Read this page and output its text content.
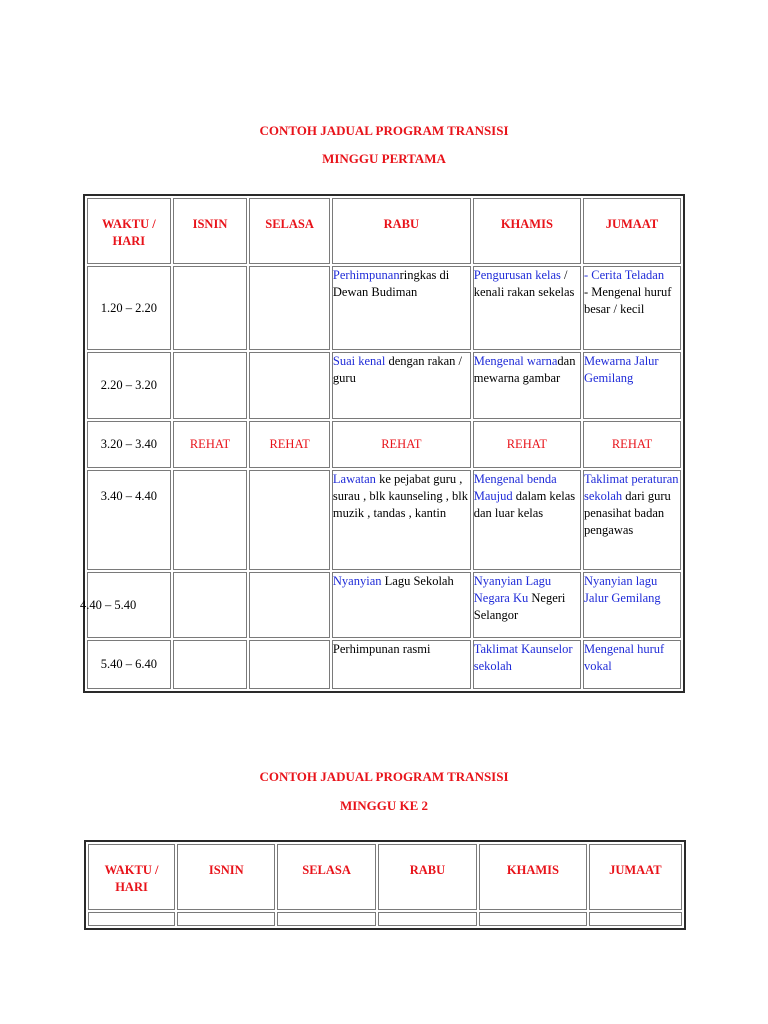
CONTOH JADUAL PROGRAM TRANSISI
MINGGU PERTAMA
WAKTU / HARI	ISNIN	SELASA	RABU	KHAMIS	JUMAAT
1.20 – 2.20			Perhimpunanringkas di Dewan Budiman	Pengurusan kelas / kenali rakan sekelas	- Cerita Teladan
- Mengenal huruf besar / kecil

2.20 – 3.20			Suai kenal dengan rakan / guru	Mengenal warnadan mewarna gambar	Mewarna Jalur Gemilang

3.20 – 3.40	REHAT	REHAT	REHAT	REHAT	REHAT
3.40 – 4.40			Lawatan ke pejabat guru , surau , blk kaunseling , blk muzik , tandas , kantin	Mengenal benda Maujud dalam kelas dan luar kelas	Taklimat peraturan sekolah dari guru penasihat badan pengawas

4.40 – 5.40			Nyanyian Lagu Sekolah	Nyanyian Lagu Negara Ku Negeri Selangor	Nyanyian lagu Jalur Gemilang

5.40 – 6.40			Perhimpunan rasmi	Taklimat Kaunselor sekolah	Mengenal huruf vokal
CONTOH JADUAL PROGRAM TRANSISI
MINGGU KE 2
WAKTU / HARI	ISNIN	SELASA	RABU	KHAMIS	JUMAAT
